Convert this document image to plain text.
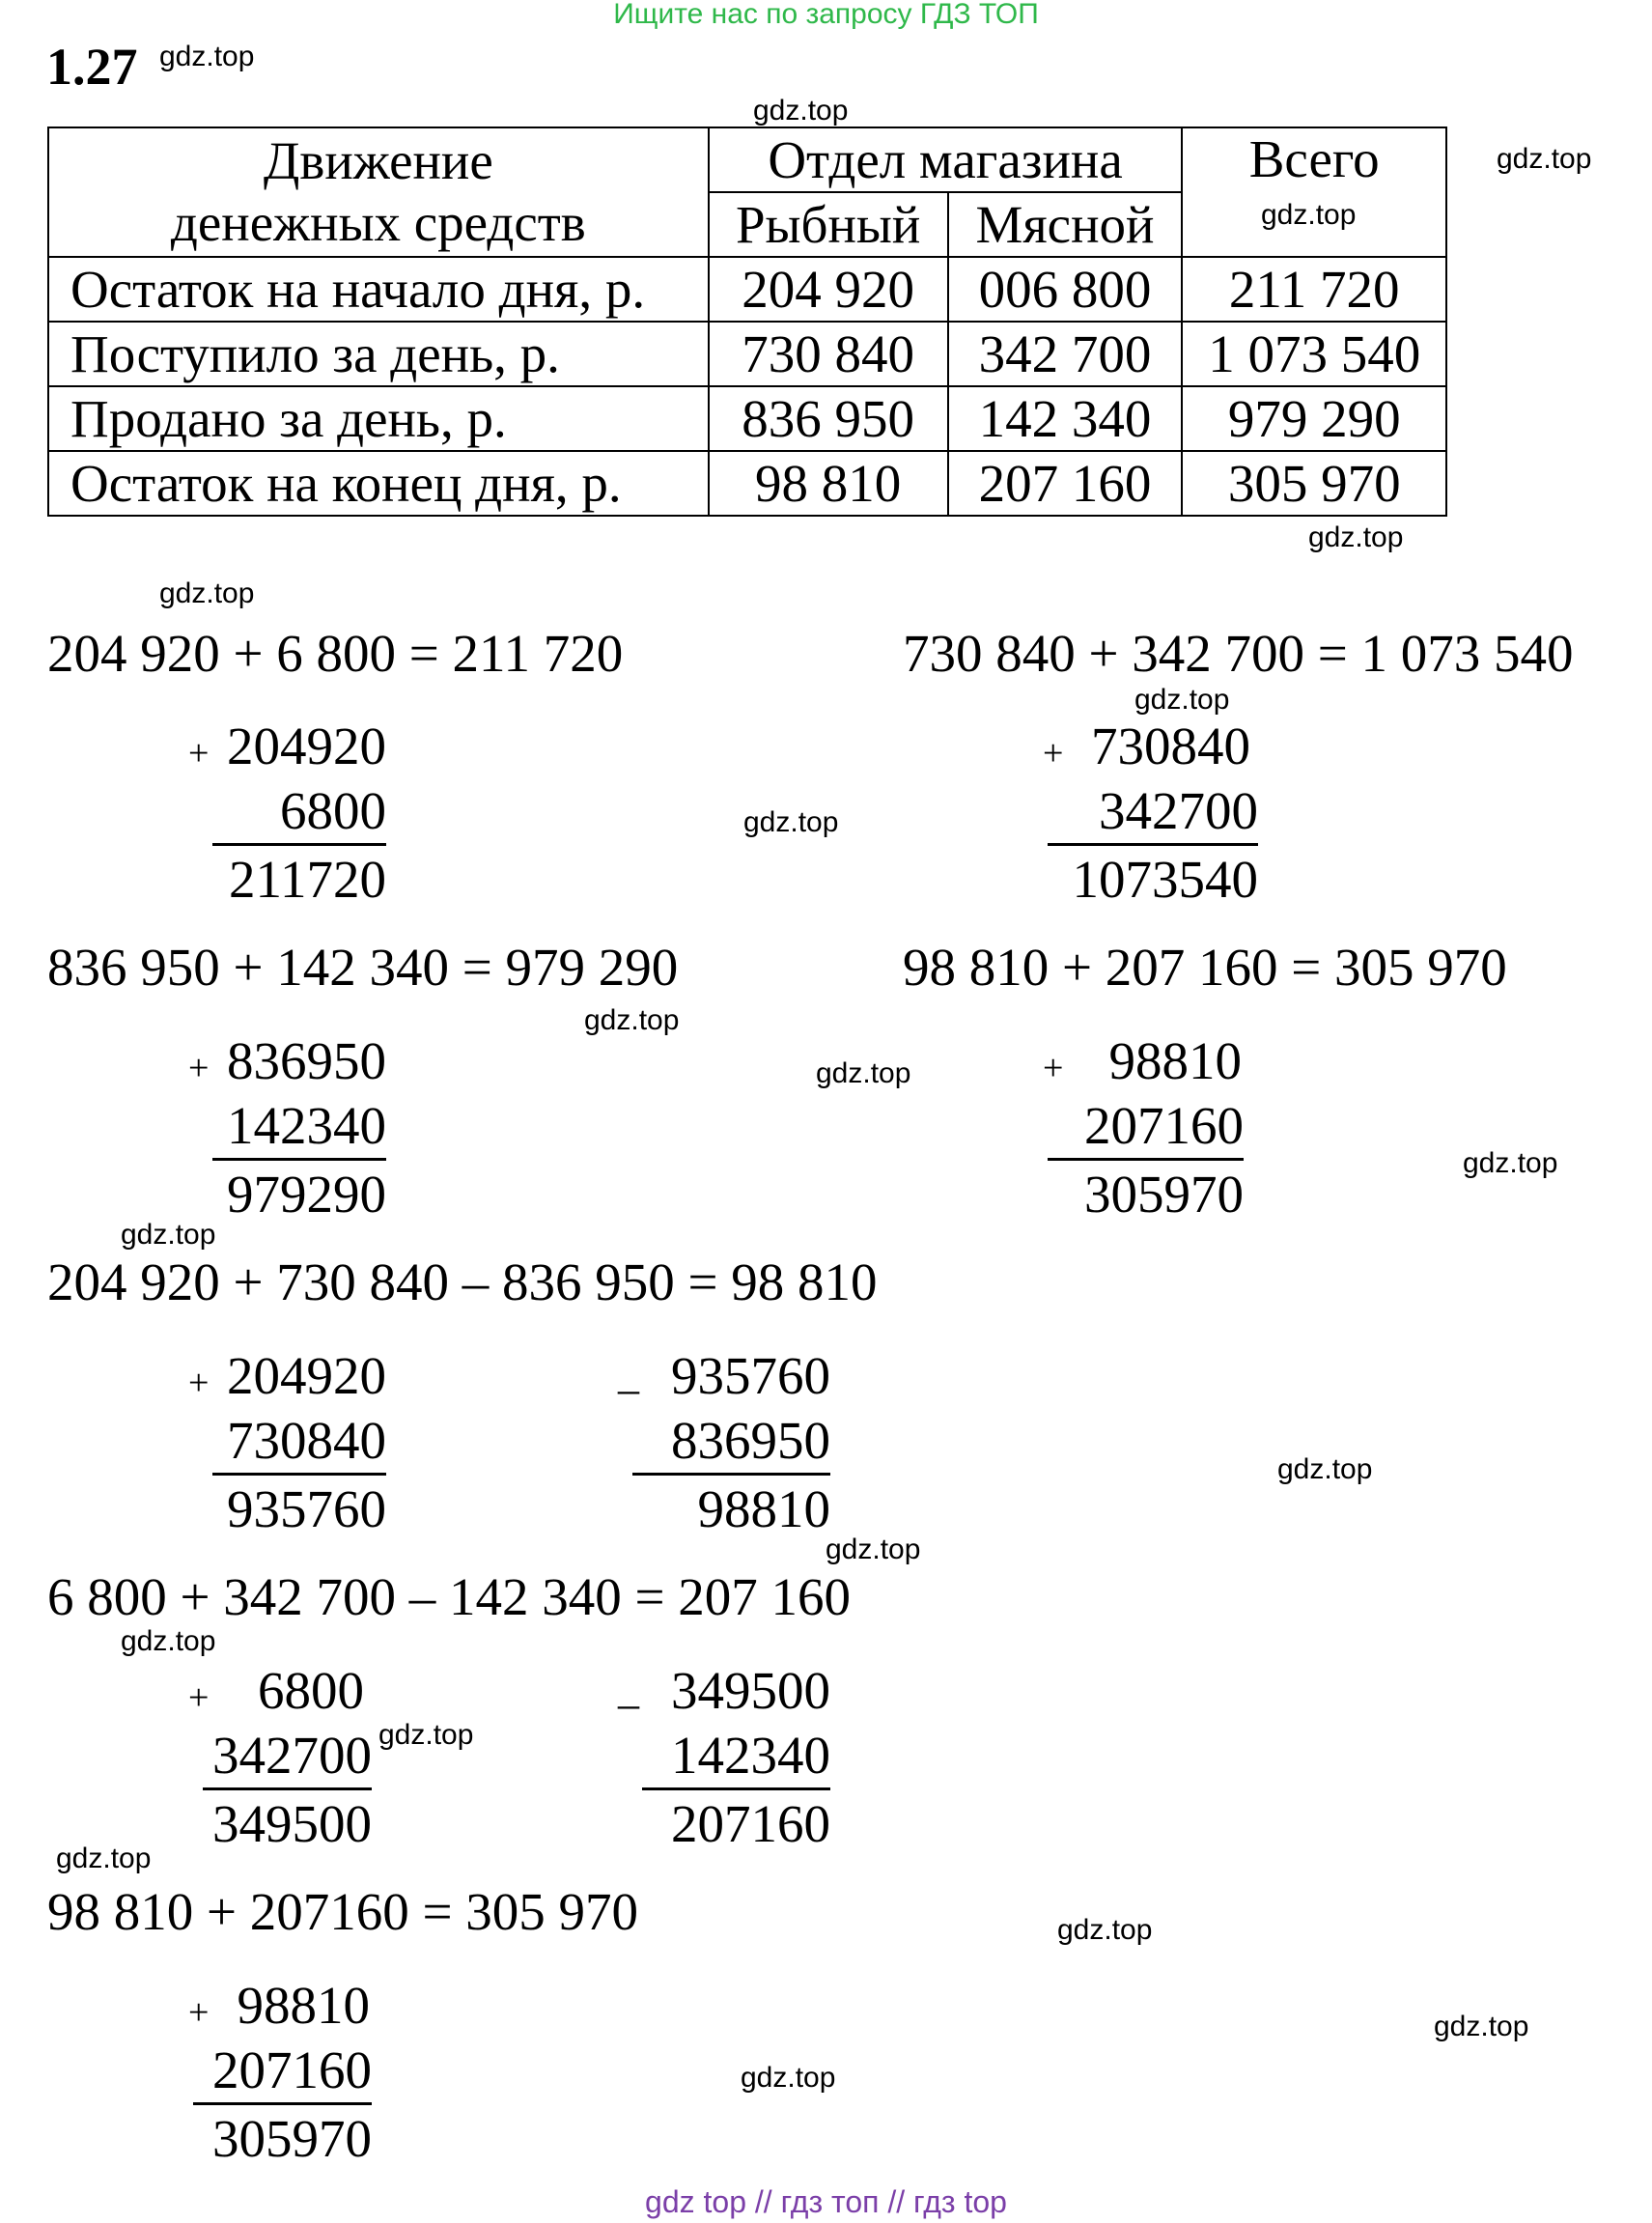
Ищите нас по запросу ГДЗ ТОП
1.27
Движение
денежных средств	Отдел магазина		Всего
	Рыбный	Мясной	
Остаток на начало дня, р.	204 920	006 800	211 720
Поступило за день, р.	730 840	342 700	1 073 540
Продано за день, р.	836 950	142 340	979 290
Остаток на конец дня, р.	98 810	207 160	305 970
204 920 + 6 800 = 211 720	730 840 + 342 700 = 1 073 540
836 950 + 142 340 = 979 290	98 810 + 207 160 = 305 970
204 920 + 730 840 – 836 950 = 98 810
6 800 + 342 700 – 142 340 = 207 160
98 810 + 207160 = 305 970
+ 204920
6800
211720
+ 730840
342700
1073540
+ 836950
142340
979290
+ 98810
207160
305970
+ 204920
730840
935760
_ 935760
836950
98810
+ 6800
342700
349500
_ 349500
142340
207160
+ 98810
207160
305970
gdz.top
gdz.top
gdz.top
gdz.top
gdz.top
gdz.top
gdz.top
gdz.top
gdz.top
gdz.top
gdz.top
gdz.top
gdz.top
gdz.top
gdz.top
gdz.top
gdz.top
gdz.top
gdz.top
gdz.top
gdz top // гдз топ // гдз top
